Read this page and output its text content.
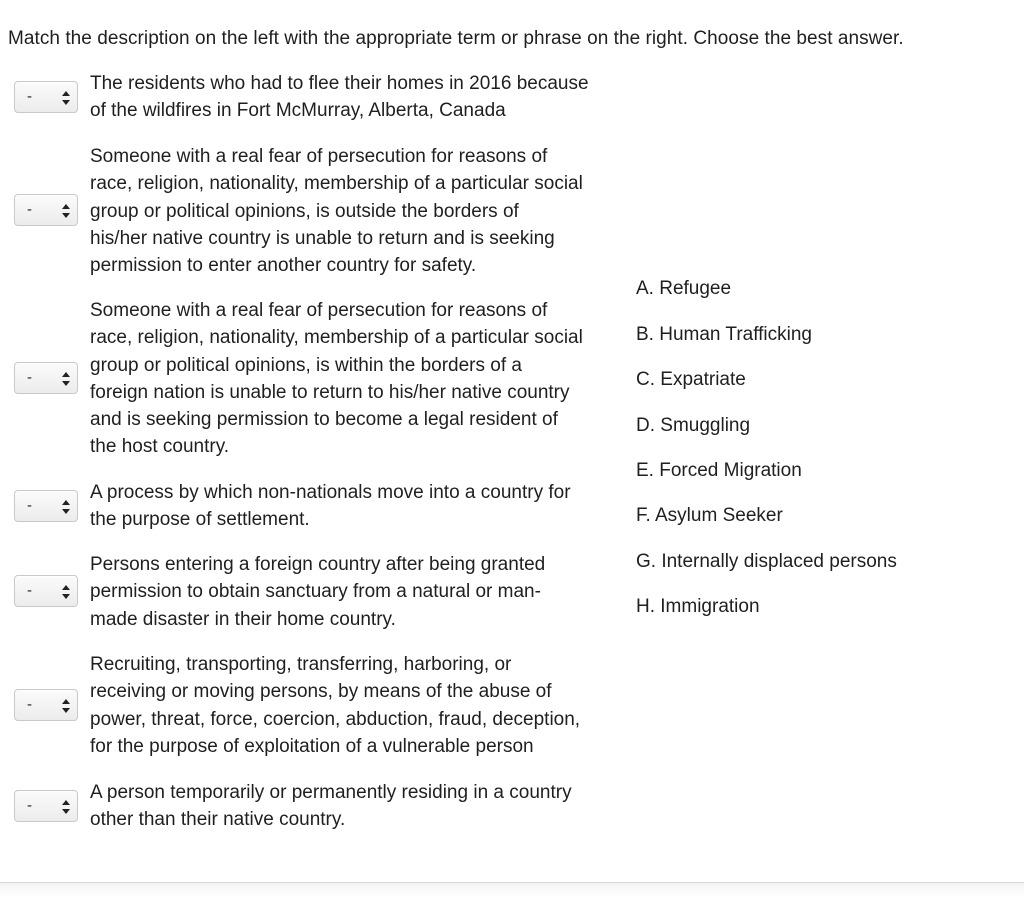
Match the description on the left with the appropriate term or phrase on the right. Choose the best answer.
-
The residents who had to flee their homes in 2016 because
of the wildfires in Fort McMurray, Alberta, Canada
-
Someone with a real fear of persecution for reasons of
race, religion, nationality, membership of a particular social
group or political opinions, is outside the borders of
his/her native country is unable to return and is seeking
permission to enter another country for safety.
-
Someone with a real fear of persecution for reasons of
race, religion, nationality, membership of a particular social
group or political opinions, is within the borders of a
foreign nation is unable to return to his/her native country
and is seeking permission to become a legal resident of
the host country.
-
A process by which non-nationals move into a country for
the purpose of settlement.
-
Persons entering a foreign country after being granted
permission to obtain sanctuary from a natural or man-
made disaster in their home country.
-
Recruiting, transporting, transferring, harboring, or
receiving or moving persons, by means of the abuse of
power, threat, force, coercion, abduction, fraud, deception,
for the purpose of exploitation of a vulnerable person
-
A person temporarily or permanently residing in a country
other than their native country.
A. Refugee
B. Human Trafficking
C. Expatriate
D. Smuggling
E. Forced Migration
F. Asylum Seeker
G. Internally displaced persons
H. Immigration
